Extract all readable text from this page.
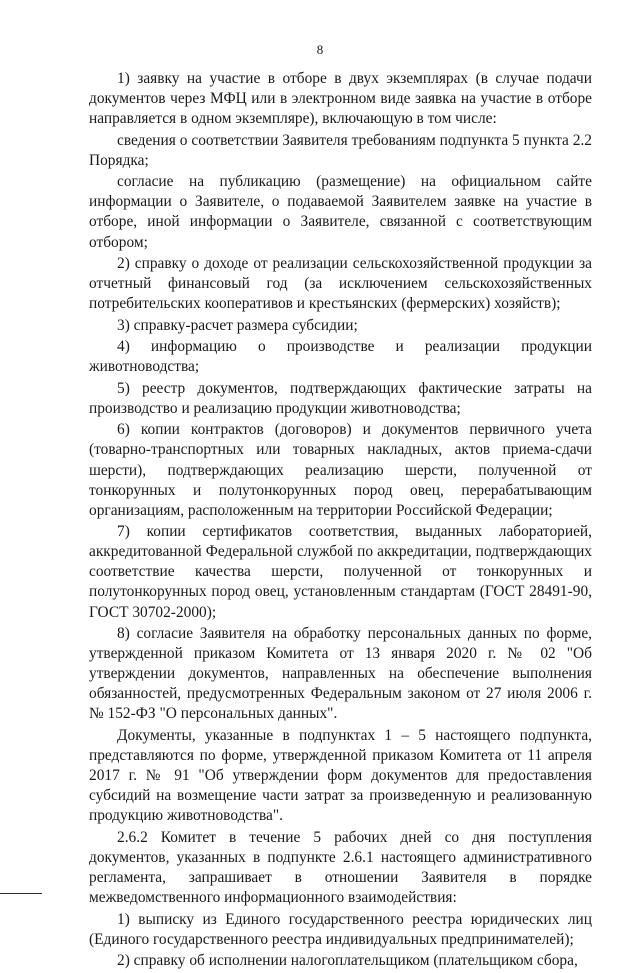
8

1) заявку на участие в отборе в двух экземплярах (в случае подачи документов через МФЦ или в электронном виде заявка на участие в отборе направляется в одном экземпляре), включающую в том числе:

сведения о соответствии Заявителя требованиям подпункта 5 пункта 2.2 Порядка;

согласие на публикацию (размещение) на официальном сайте информации о Заявителе, о подаваемой Заявителем заявке на участие в отборе, иной информации о Заявителе, связанной с соответствующим отбором;

2) справку о доходе от реализации сельскохозяйственной продукции за отчетный финансовый год (за исключением сельскохозяйственных потребительских кооперативов и крестьянских (фермерских) хозяйств);

3) справку-расчет размера субсидии;

4) информацию о производстве и реализации продукции животноводства;

5) реестр документов, подтверждающих фактические затраты на производство и реализацию продукции животноводства;

6) копии контрактов (договоров) и документов первичного учета (товарно-транспортных или товарных накладных, актов приема-сдачи шерсти), подтверждающих реализацию шерсти, полученной от тонкорунных и полутонкорунных пород овец, перерабатывающим организациям, расположенным на территории Российской Федерации;

7) копии сертификатов соответствия, выданных лабораторией, аккредитованной Федеральной службой по аккредитации, подтверждающих соответствие качества шерсти, полученной от тонкорунных и полутонкорунных пород овец, установленным стандартам (ГОСТ 28491-90, ГОСТ 30702-2000);

8) согласие Заявителя на обработку персональных данных по форме, утвержденной приказом Комитета от 13 января 2020 г. № 02 "Об утверждении документов, направленных на обеспечение выполнения обязанностей, предусмотренных Федеральным законом от 27 июля 2006 г. № 152-ФЗ "О персональных данных".

Документы, указанные в подпунктах 1 – 5 настоящего подпункта, представляются по форме, утвержденной приказом Комитета от 11 апреля 2017 г. № 91 "Об утверждении форм документов для предоставления субсидий на возмещение части затрат за произведенную и реализованную продукцию животноводства".

2.6.2 Комитет в течение 5 рабочих дней со дня поступления документов, указанных в подпункте 2.6.1 настоящего административного регламента, запрашивает в отношении Заявителя в порядке межведомственного информационного взаимодействия:

1) выписку из Единого государственного реестра юридических лиц (Единого государственного реестра индивидуальных предпринимателей);

2) справку об исполнении налогоплательщиком (плательщиком сбора,
